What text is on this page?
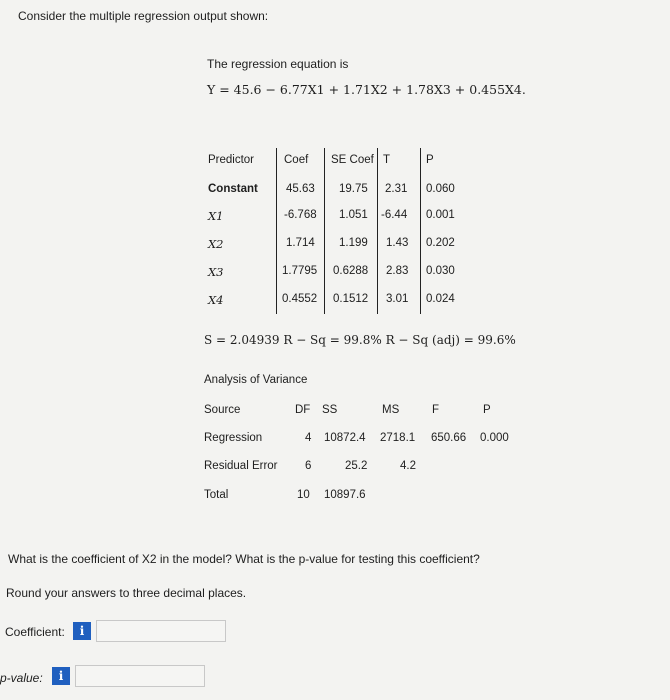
Consider the multiple regression output shown:
The regression equation is
Y = 45.6 − 6.77X1 + 1.71X2 + 1.78X3 + 0.455X4.
Predictor	Coef SE Coef T	P
Constant 45.63 19.75 2.31 0.060
X1	-6.768 1.051 -6.44 0.001
X2	1.714 1.199 1.43 0.202
X3	1.7795 0.6288 2.83 0.030
X4	0.4552 0.1512 3.01 0.024
S = 2.04939 R − Sq = 99.8% R − Sq (adj) = 99.6%
Analysis of Variance
Source	DF SS	MS	F	P
Regression	4 10872.4 2718.1 650.66 0.000
Residual Error 6	25.2	4.2
Total	10 10897.6
What is the coefficient of X2 in the model? What is the p-value for testing this coefficient?
Round your answers to three decimal places.
Coefficient:	i
p-value:	i
